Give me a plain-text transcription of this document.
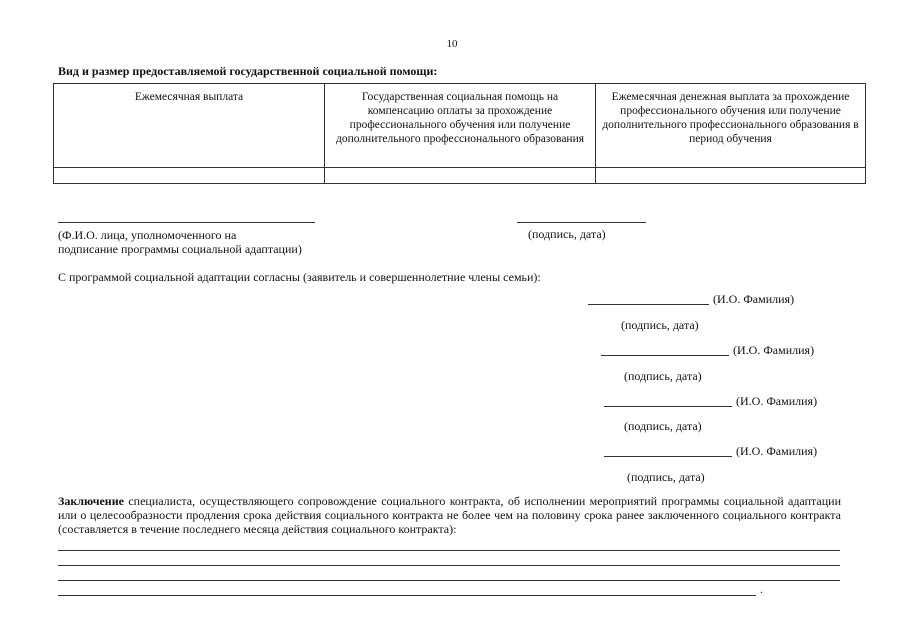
10
Вид и размер предоставляемой государственной социальной помощи:
Ежемесячная выплата	Государственная социальная помощь на компенсацию оплаты за прохождение профессионального обучения или получение дополнительного профессионального образования	Ежемесячная денежная выплата за прохождение профессионального обучения или получение дополнительного профессионального образования в период обучения

(Ф.И.О. лица, уполномоченного на
подписание программы социальной адаптации)
(подпись, дата)
С программой социальной адаптации согласны (заявитель и совершеннолетние члены семьи):
(И.О. Фамилия)
(подпись, дата)
(И.О. Фамилия)
(подпись, дата)
(И.О. Фамилия)
(подпись, дата)
(И.О. Фамилия)
(подпись, дата)
Заключение специалиста, осуществляющего сопровождение социального контракта, об исполнении мероприятий программы социальной адаптации или о целесообразности продления срока действия социального контракта не более чем на половину срока ранее заключенного социального контракта (составляется в течение последнего месяца действия социального контракта):
.
